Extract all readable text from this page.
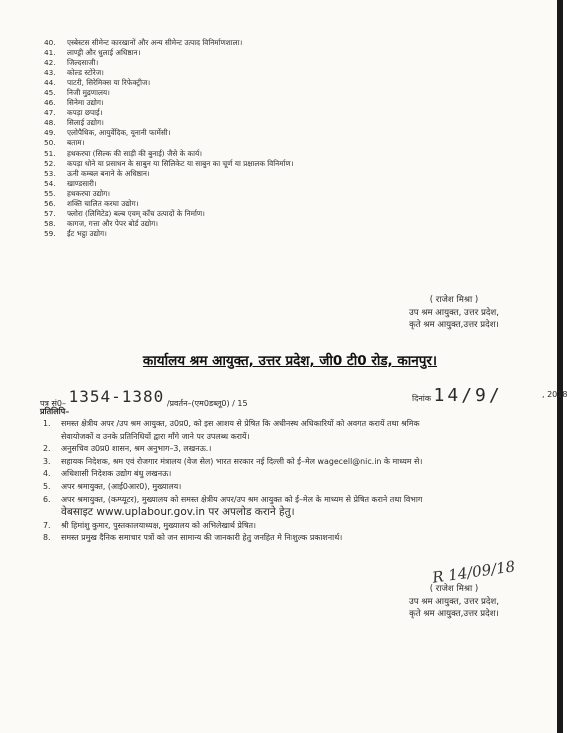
40. एस्बेस्टस सीमेन्ट कारखानों और अन्य सीमेन्ट उत्पाद विनिर्माणशाला।
41. लाण्ड्री और धुलाई अधिष्ठान।
42. जिल्दसाजी।
43. कोल्ड स्टोरेज।
44. पाटरी, सिरेमिक्स या रिफेक्ट्रीज।
45. निजी मुद्रणालय।
46. सिनेमा उद्योग।
47. कपड़ा छपाई।
48. सिलाई उद्योग।
49. एलोपैथिक, आयुर्वेदिक, यूनानी फार्मेसी।
50. बताम।
51. हथकरघा (सिल्क की साड़ी की बुनाई) जैसे के कार्य।
52. कपड़ा धोने या प्रसाधन के साबुन या सिलिकेट या साबुन का चूर्ण या प्रक्षालक विनिर्माण।
53. ऊनी कम्बल बनाने के अधिष्ठान।
54. खाण्डसारी।
55. हथकरघा उद्योग।
56. शक्ति चालित करघा उद्योग।
57. फ्लोरा (लिमिटेड) बल्ब एवम् काँच उत्पादों के निर्माण।
58. कागज, गत्ता और पेपर बोर्ड उद्योग।
59. ईंट भट्ठा उद्योग।
( राजेश मिश्रा )
उप श्रम आयुक्त, उत्तर प्रदेश,
कृते श्रम आयुक्त,उत्तर प्रदेश।
कार्यालय श्रम आयुक्त, उत्तर प्रदेश, जी0 टी0 रोड, कानपुर।
पत्र सं0– 1354-1380 /प्रवर्तन–(एम0डब्लू0) / 15
दिनांक 14/9/	, 2018
प्रतिलिपि–
1. समस्त क्षेत्रीय अपर /उप श्रम आयुक्त, उ0प्र0, को इस आशय से प्रेषित कि अधीनस्थ अधिकारियों को अवगत करायें तथा श्रमिक
सेवायोजकों व उनके प्रतिनिधियों द्वारा माँगे जाने पर उपलब्ध करायें।
2. अनुसचिव उ0प्र0 शासन, श्रम अनुभाग–3, लखनऊ.।
3. सहायक निदेशक, श्रम एवं रोजगार मंत्रालय (वेज सेल) भारत सरकार नई दिल्ली को ई–मेल wagecell@nic.in के माध्यम से।
4. अधिशासी निदेशक उद्योग बंधु लखनऊ।
5. अपर श्रमायुक्त, (आई0आर0), मुख्यालय।
6. अपर श्रमायुक्त, (कम्प्यूटर), मुख्यालय को समस्त क्षेत्रीय अपर/उप श्रम आयुक्त को ई–मेल के माध्यम से प्रेषित कराने तथा विभाग
वेबसाइट www.uplabour.gov.in पर अपलोड कराने हेतु।
7. श्री हिमांशु कुमार, पुस्तकालयाध्यक्ष, मुख्यालय को अभिलेखार्थ प्रेषित।
8. समस्त प्रमुख दैनिक समाचार पत्रों को जन सामान्य की जानकारी हेतु जनहित मे निःशुल्क प्रकाशनार्थ।
R 14/09/18
( राजेश मिश्रा )
उप श्रम आयुक्त, उत्तर प्रदेश,
कृते श्रम आयुक्त,उत्तर प्रदेश।
